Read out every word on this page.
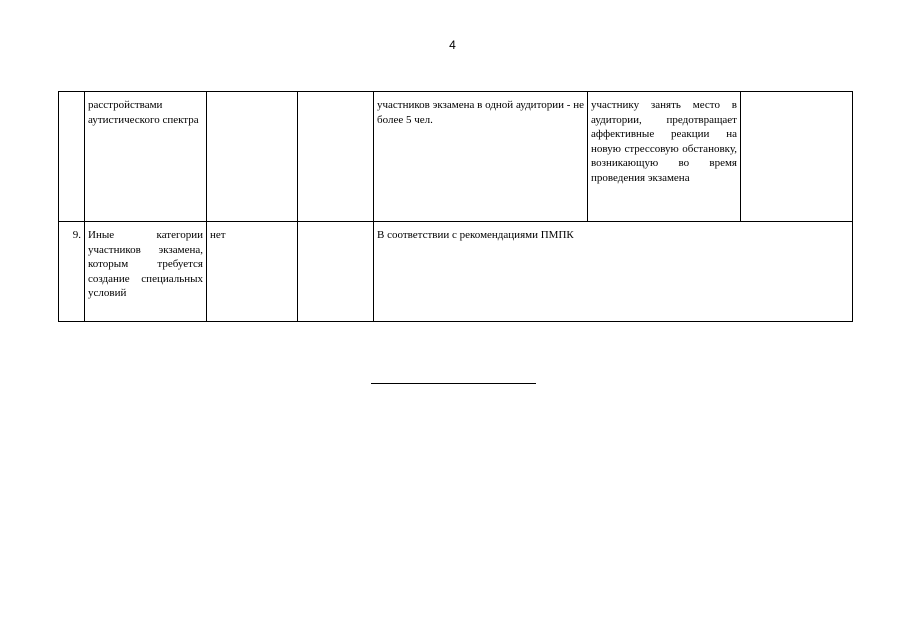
4
	расстройствами аутистического спектра			участников экзамена в одной аудитории - не более 5 чел.	участнику занять место в аудитории, предотвращает аффективные реакции на новую стрессовую обстановку, возникающую во время проведения экзамена	
9.	Иные категории участников экзамена, которым требуется создание специальных условий	нет		В соответствии с рекомендациями ПМПК		
